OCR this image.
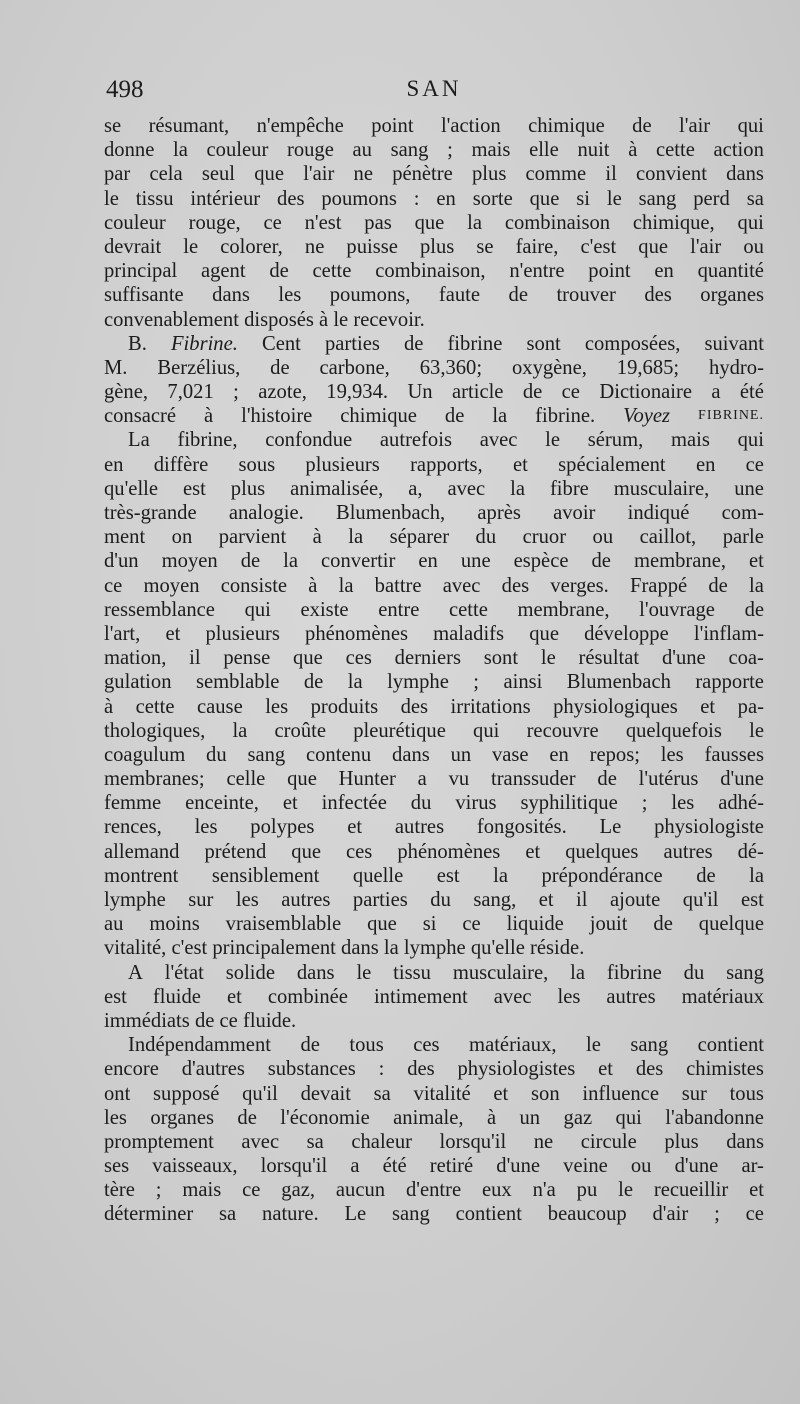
498	SAN
se résumant, n'empêche point l'action chimique de l'air qui
donne la couleur rouge au sang ; mais elle nuit à cette action
par cela seul que l'air ne pénètre plus comme il convient dans
le tissu intérieur des poumons : en sorte que si le sang perd sa
couleur rouge, ce n'est pas que la combinaison chimique, qui
devrait le colorer, ne puisse plus se faire, c'est que l'air ou
principal agent de cette combinaison, n'entre point en quantité
suffisante dans les poumons, faute de trouver des organes
convenablement disposés à le recevoir.
B. Fibrine. Cent parties de fibrine sont composées, suivant
M. Berzélius, de carbone, 63,360; oxygène, 19,685; hydro-
gène, 7,021 ; azote, 19,934. Un article de ce Dictionaire a été
consacré à l'histoire chimique de la fibrine. Voyez FIBRINE.
La fibrine, confondue autrefois avec le sérum, mais qui
en diffère sous plusieurs rapports, et spécialement en ce
qu'elle est plus animalisée, a, avec la fibre musculaire, une
très-grande analogie. Blumenbach, après avoir indiqué com-
ment on parvient à la séparer du cruor ou caillot, parle
d'un moyen de la convertir en une espèce de membrane, et
ce moyen consiste à la battre avec des verges. Frappé de la
ressemblance qui existe entre cette membrane, l'ouvrage de
l'art, et plusieurs phénomènes maladifs que développe l'inflam-
mation, il pense que ces derniers sont le résultat d'une coa-
gulation semblable de la lymphe ; ainsi Blumenbach rapporte
à cette cause les produits des irritations physiologiques et pa-
thologiques, la croûte pleurétique qui recouvre quelquefois le
coagulum du sang contenu dans un vase en repos; les fausses
membranes; celle que Hunter a vu transsuder de l'utérus d'une
femme enceinte, et infectée du virus syphilitique ; les adhé-
rences, les polypes et autres fongosités. Le physiologiste
allemand prétend que ces phénomènes et quelques autres dé-
montrent sensiblement quelle est la prépondérance de la
lymphe sur les autres parties du sang, et il ajoute qu'il est
au moins vraisemblable que si ce liquide jouit de quelque
vitalité, c'est principalement dans la lymphe qu'elle réside.
A l'état solide dans le tissu musculaire, la fibrine du sang
est fluide et combinée intimement avec les autres matériaux
immédiats de ce fluide.
Indépendamment de tous ces matériaux, le sang contient
encore d'autres substances : des physiologistes et des chimistes
ont supposé qu'il devait sa vitalité et son influence sur tous
les organes de l'économie animale, à un gaz qui l'abandonne
promptement avec sa chaleur lorsqu'il ne circule plus dans
ses vaisseaux, lorsqu'il a été retiré d'une veine ou d'une ar-
tère ; mais ce gaz, aucun d'entre eux n'a pu le recueillir et
déterminer sa nature. Le sang contient beaucoup d'air ; ce
